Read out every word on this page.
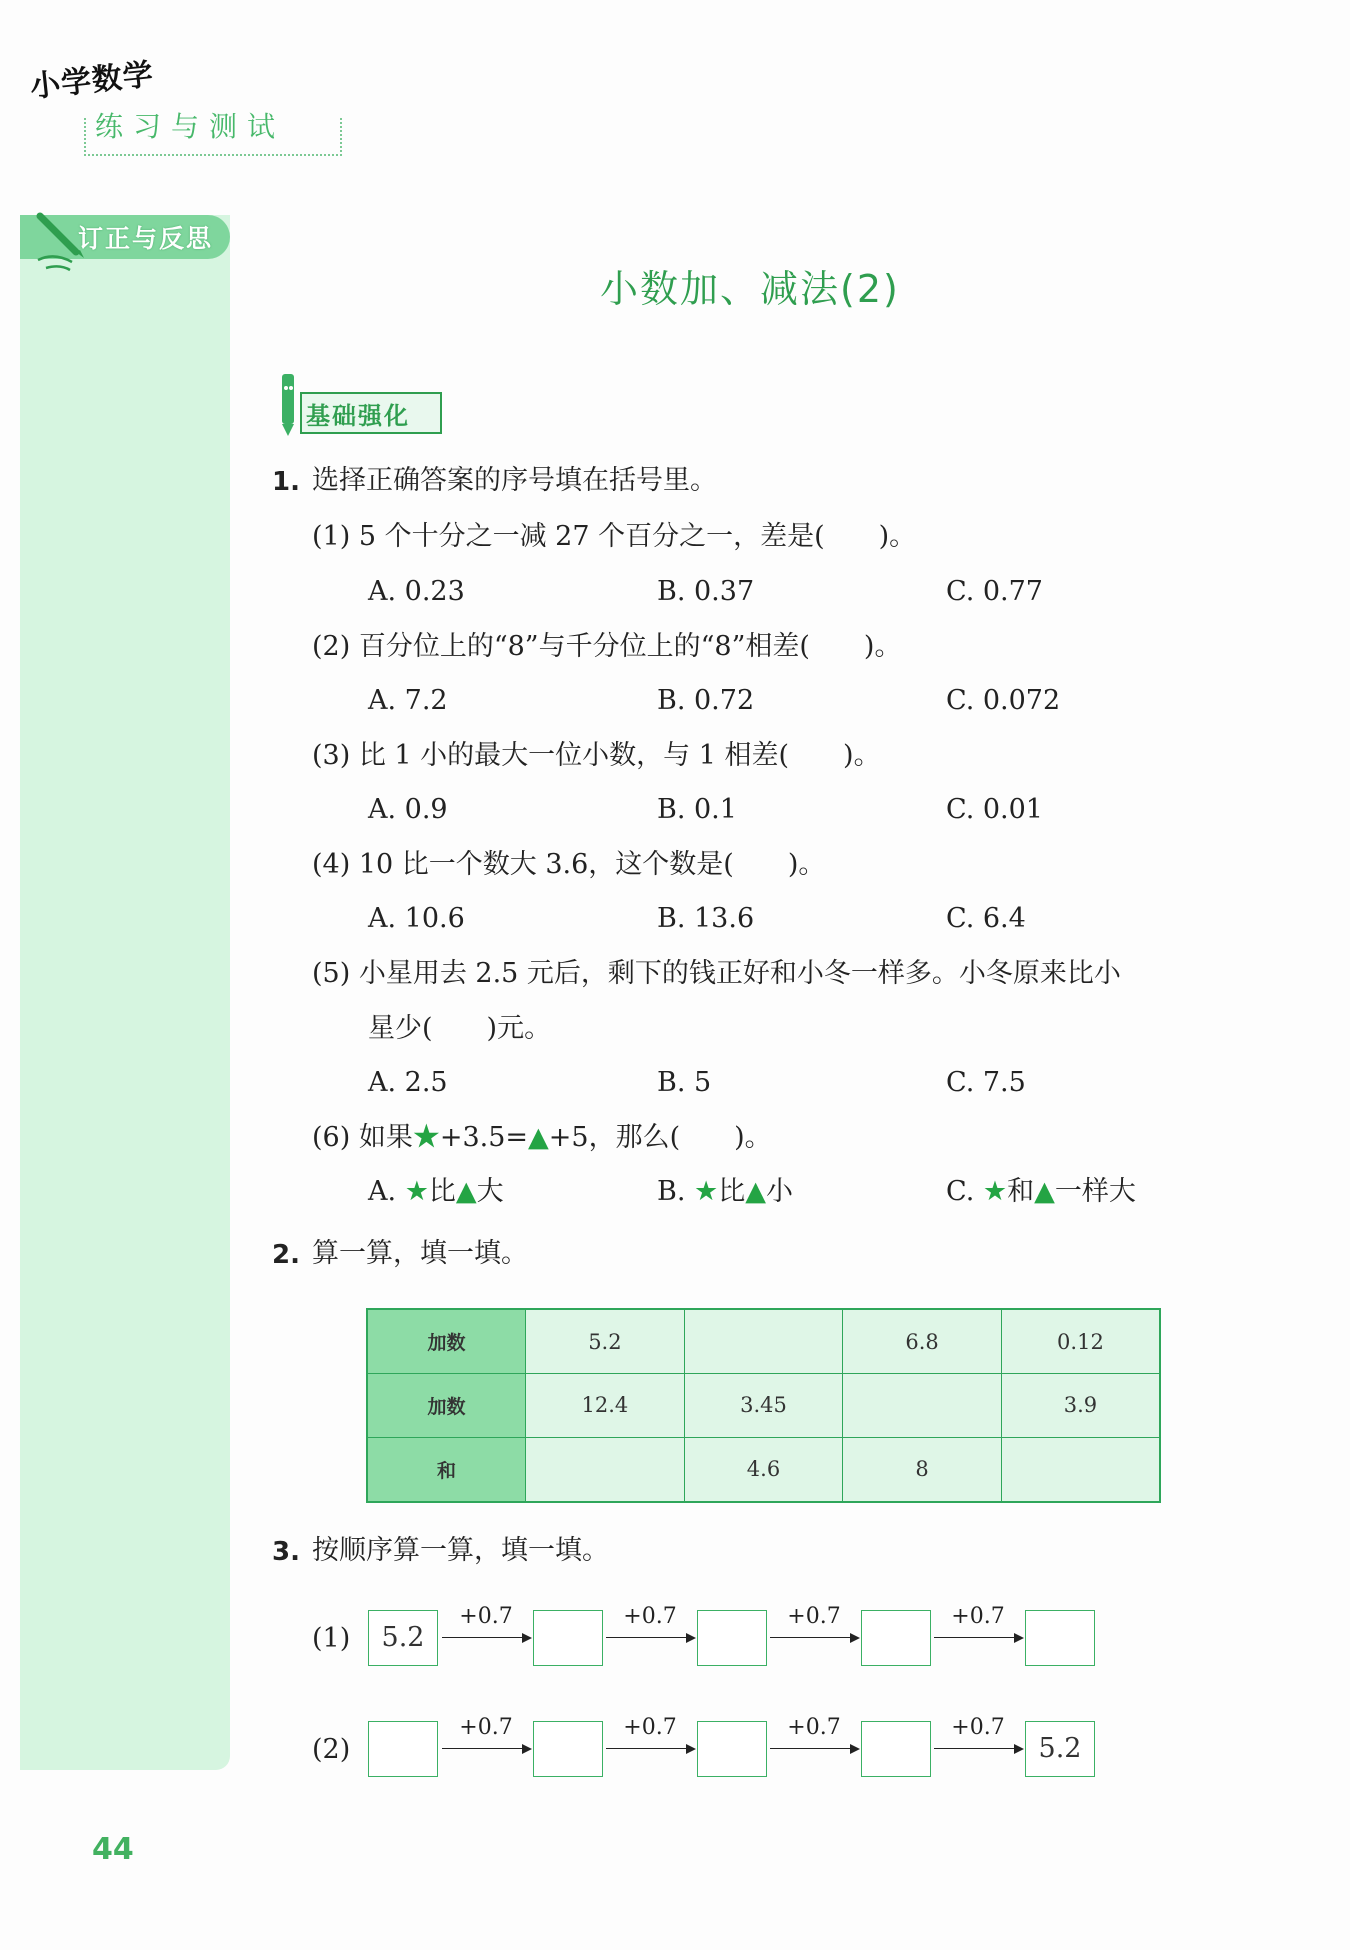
小学数学
练习与测试
订正与反思
小数加、减法(2)
基础强化
1. 选择正确答案的序号填在括号里。
(1) 5 个十分之一减 27 个百分之一，差是(　　)。
A. 0.23	B. 0.37	C. 0.77
(2) 百分位上的“8”与千分位上的“8”相差(　　)。
A. 7.2	B. 0.72	C. 0.072
(3) 比 1 小的最大一位小数，与 1 相差(　　)。
A. 0.9	B. 0.1	C. 0.01
(4) 10 比一个数大 3.6，这个数是(　　)。
A. 10.6	B. 13.6	C. 6.4
(5) 小星用去 2.5 元后，剩下的钱正好和小冬一样多。小冬原来比小
星少(　　)元。
A. 2.5	B. 5	C. 7.5
(6) 如果★+3.5=▲+5，那么(　　)。
A. ★比▲大	B. ★比▲小	C. ★和▲一样大
2. 算一算，填一填。
加数	5.2		6.8	0.12
加数	12.4	3.45		3.9
和		4.6	8	
3. 按顺序算一算，填一填。
(1)	5.2
+0.7	+0.7	+0.7	+0.7
(2)	5.2
+0.7	+0.7	+0.7	+0.7
44
